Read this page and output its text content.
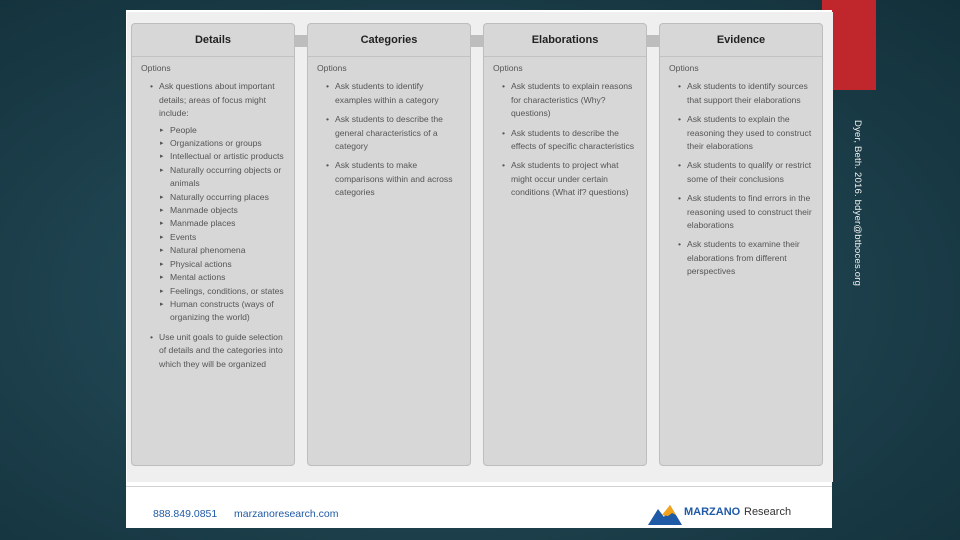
Details
Options
• Ask questions about important details; areas of focus might include:
▸ People
▸ Organizations or groups
▸ Intellectual or artistic products
▸ Naturally occurring objects or animals
▸ Naturally occurring places
▸ Manmade objects
▸ Manmade places
▸ Events
▸ Natural phenomena
▸ Physical actions
▸ Mental actions
▸ Feelings, conditions, or states
▸ Human constructs (ways of organizing the world)
• Use unit goals to guide selection of details and the categories into which they will be organized
Categories
Options
• Ask students to identify examples within a category
• Ask students to describe the general characteristics of a category
• Ask students to make comparisons within and across categories
Elaborations
Options
• Ask students to explain reasons for characteristics (Why? questions)
• Ask students to describe the effects of specific characteristics
• Ask students to project what might occur under certain conditions (What if? questions)
Evidence
Options
• Ask students to identify sources that support their elaborations
• Ask students to explain the reasoning they used to construct their elaborations
• Ask students to qualify or restrict some of their conclusions
• Ask students to find errors in the reasoning used to construct their elaborations
• Ask students to examine their elaborations from different perspectives
888.849.0851 marzanoresearch.com	MARZANO Research
Dyer, Beth. 2016. bdyer@btboces.org
